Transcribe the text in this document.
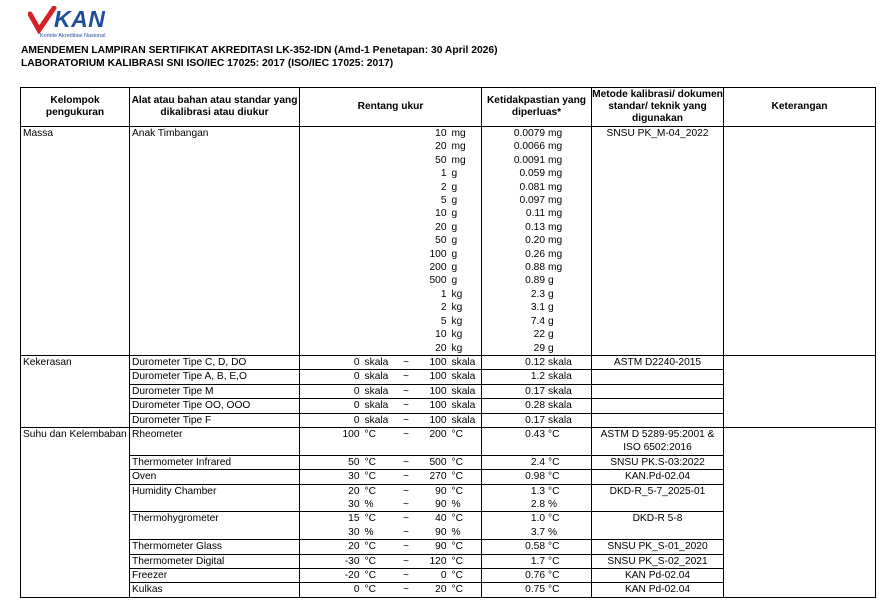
KAN
Komite Akreditasi Nasional
AMENDEMEN LAMPIRAN SERTIFIKAT AKREDITASI LK-352-IDN (Amd-1 Penetapan: 30 April 2026)
LABORATORIUM KALIBRASI SNI ISO/IEC 17025: 2017 (ISO/IEC 17025: 2017)
Kelompok pengukuran	Alat atau bahan atau standar yang dikalibrasi atau diukur	Rentang ukur					Ketidakpastian yang diperluas*	Metode kalibrasi/ dokumen standar/ teknik yang digunakan	Keterangan
Massa	Anak Timbangan				10	mg	0.0079 mg	SNSU PK_M-04_2022	
					20	mg	0.0066 mg		
					50	mg	0.0091 mg		
					1	g	0.059 mg		
					2	g	0.081 mg		
					5	g	0.097 mg		
					10	g	0.11 mg		
					20	g	0.13 mg		
					50	g	0.20 mg		
					100	g	0.26 mg		
					200	g	0.88 mg		
					500	g	0.89 g		
					1	kg	2.3 g		
					2	kg	3.1 g		
					5	kg	7.4 g		
					10	kg	22 g		
					20	kg	29 g		
Kekerasan	Durometer Tipe C, D, DO	0	skala	~	100	skala	0.12 skala	ASTM D2240-2015	
	Durometer Tipe A, B, E,O	0	skala	~	100	skala	1.2 skala		
	Durometer Tipe M	0	skala	~	100	skala	0.17 skala		
	Durometer Tipe OO, OOO	0	skala	~	100	skala	0.28 skala		
	Durometer Tipe F	0	skala	~	100	skala	0.17 skala		
Suhu dan Kelembaban	Rheometer	100	°C	~	200	°C	0.43 °C	ASTM D 5289-95:2001 &	
								ISO 6502:2016	
	Thermometer Infrared	50	°C	~	500	°C	2.4 °C	SNSU PK.S-03:2022	
	Oven	30	°C	~	270	°C	0.98 °C	KAN.Pd-02.04	
	Humidity Chamber	20	°C	~	90	°C	1.3 °C	DKD-R_5-7_2025-01	
		30	%	~	90	%	2.8 %		
	Thermohygrometer	15	°C	~	40	°C	1.0 °C	DKD-R 5-8	
		30	%	~	90	%	3.7 %		
	Thermometer Glass	20	°C	~	90	°C	0.58 °C	SNSU PK_S-01_2020	
	Thermometer Digital	-30	°C	~	120	°C	1.7 °C	SNSU PK_S-02_2021	
	Freezer	-20	°C	~	0	°C	0.76 °C	KAN Pd-02.04	
	Kulkas	0	°C	~	20	°C	0.75 °C	KAN Pd-02.04	
